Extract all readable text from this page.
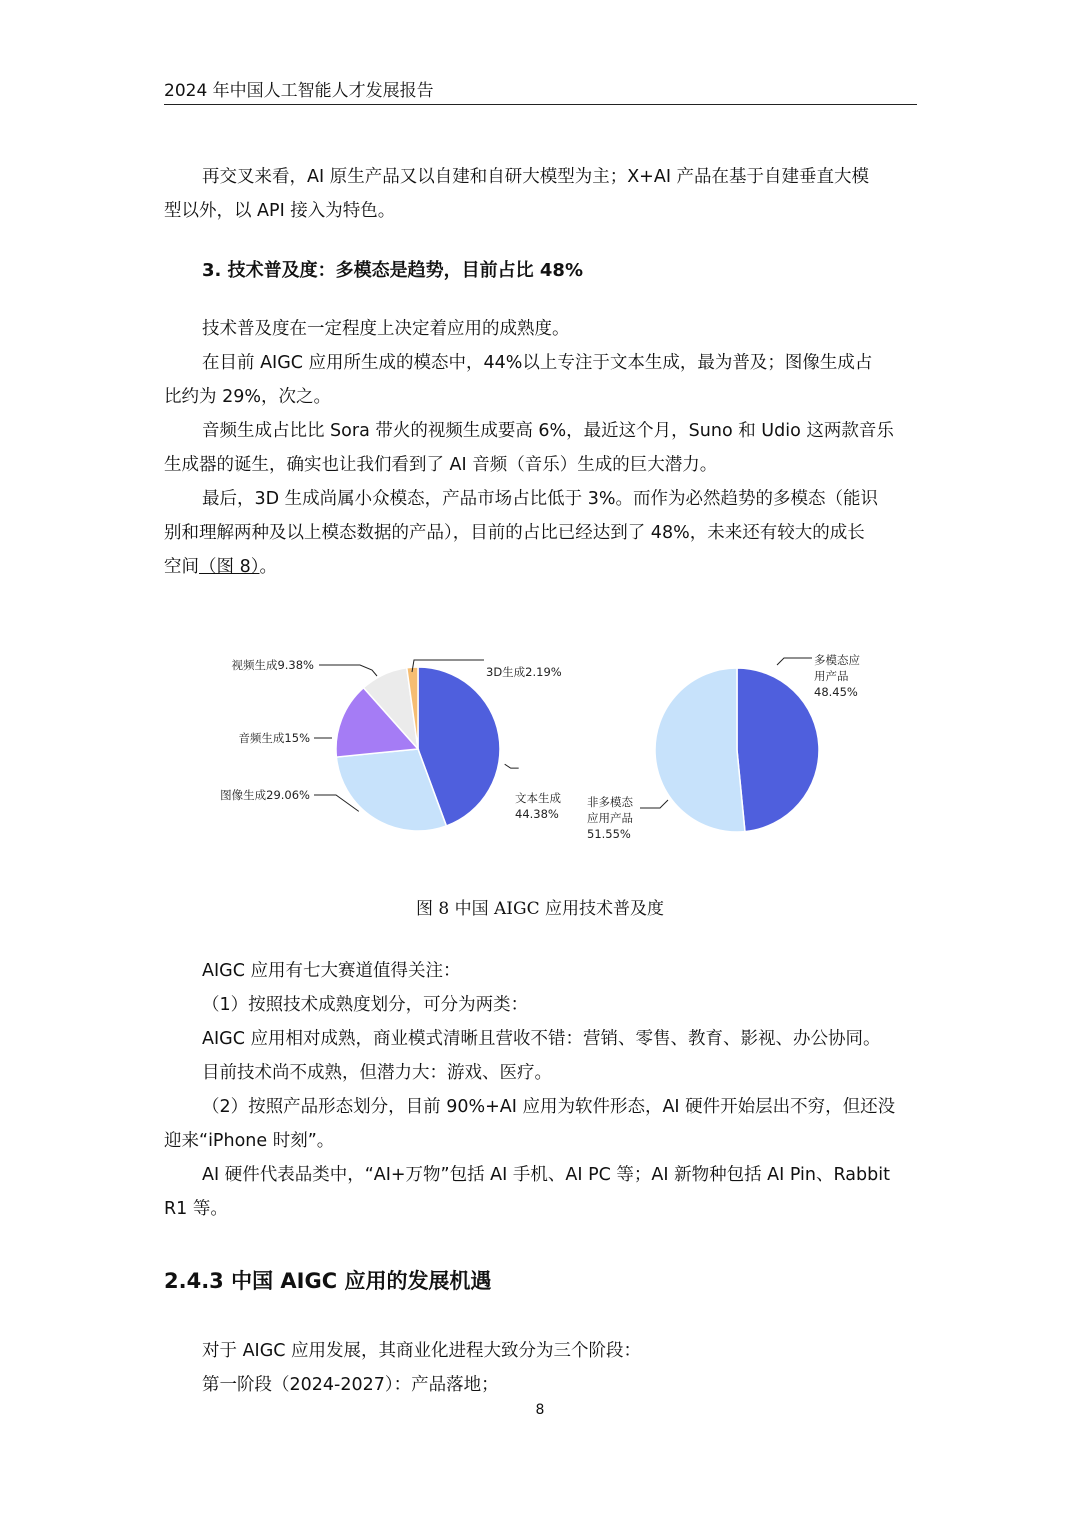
2024 年中国人工智能人才发展报告
再交叉来看，AI 原生产品又以自建和自研大模型为主；X+AI 产品在基于自建垂直大模
型以外，以 API 接入为特色。
3. 技术普及度：多模态是趋势，目前占比 48%
技术普及度在一定程度上决定着应用的成熟度。
在目前 AIGC 应用所生成的模态中，44%以上专注于文本生成，最为普及；图像生成占
比约为 29%，次之。
音频生成占比比 Sora 带火的视频生成要高 6%，最近这个月，Suno 和 Udio 这两款音乐
生成器的诞生，确实也让我们看到了 AI 音频（音乐）生成的巨大潜力。
最后，3D 生成尚属小众模态，产品市场占比低于 3%。而作为必然趋势的多模态（能识
别和理解两种及以上模态数据的产品），目前的占比已经达到了 48%，未来还有较大的成长
空间（图 8）。
文本生成
44.38%
图像生成29.06%
音频生成15%
视频生成9.38%	3D生成2.19%
多模态应
用产品
48.45%
非多模态
应用产品
51.55%
图 8 中国 AIGC 应用技术普及度
AIGC 应用有七大赛道值得关注：
（1）按照技术成熟度划分，可分为两类：
AIGC 应用相对成熟，商业模式清晰且营收不错：营销、零售、教育、影视、办公协同。
目前技术尚不成熟，但潜力大：游戏、医疗。
（2）按照产品形态划分，目前 90%+AI 应用为软件形态，AI 硬件开始层出不穷，但还没
迎来“iPhone 时刻”。
AI 硬件代表品类中，“AI+万物”包括 AI 手机、AI PC 等；AI 新物种包括 AI Pin、Rabbit
R1 等。
2.4.3 中国 AIGC 应用的发展机遇
对于 AIGC 应用发展，其商业化进程大致分为三个阶段：
第一阶段（2024-2027）：产品落地；
8
